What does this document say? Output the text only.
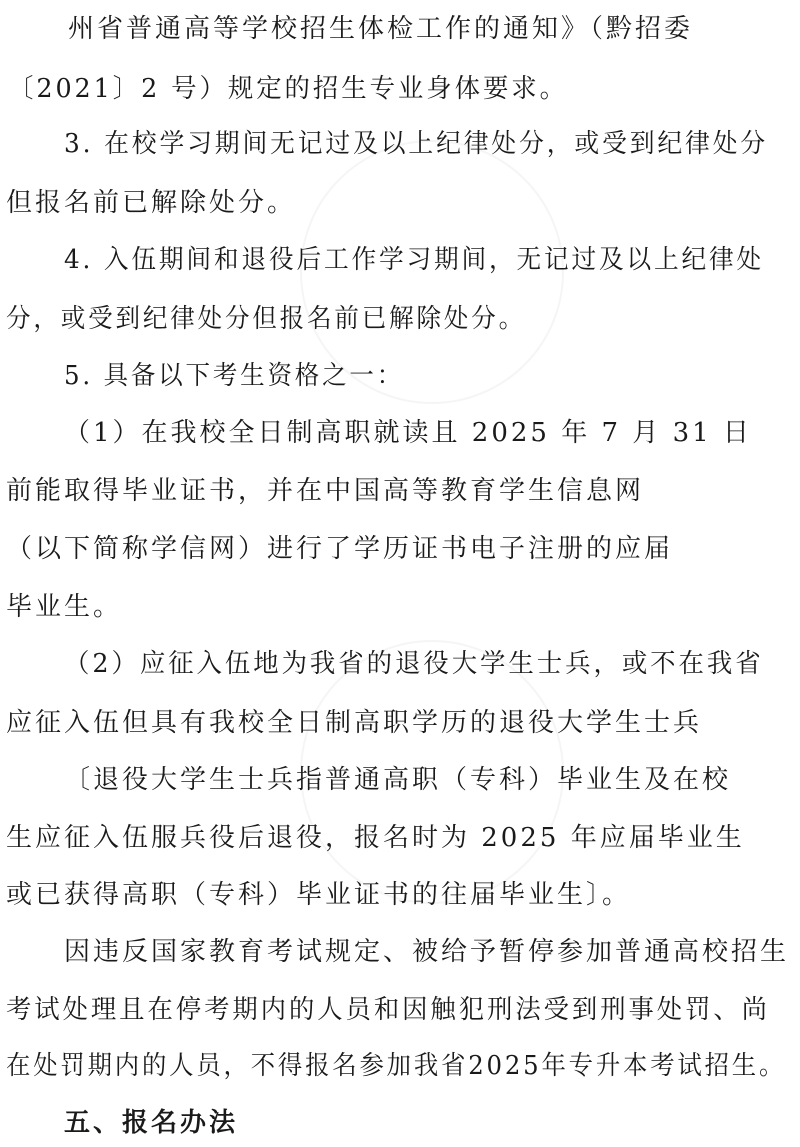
州省普通高等学校招生体检工作的通知》（黔招委
〔2021〕2 号）规定的招生专业身体要求。
3. 在校学习期间无记过及以上纪律处分，或受到纪律处分
但报名前已解除处分。
4. 入伍期间和退役后工作学习期间，无记过及以上纪律处
分，或受到纪律处分但报名前已解除处分。
5. 具备以下考生资格之一：
（1）在我校全日制高职就读且 2025 年 7 月 31 日
前能取得毕业证书，并在中国高等教育学生信息网
（以下简称学信网）进行了学历证书电子注册的应届
毕业生。
（2）应征入伍地为我省的退役大学生士兵，或不在我省
应征入伍但具有我校全日制高职学历的退役大学生士兵
〔退役大学生士兵指普通高职（专科）毕业生及在校
生应征入伍服兵役后退役，报名时为 2025 年应届毕业生
或已获得高职（专科）毕业证书的往届毕业生〕。
因违反国家教育考试规定、被给予暂停参加普通高校招生
考试处理且在停考期内的人员和因触犯刑法受到刑事处罚、尚
在处罚期内的人员，不得报名参加我省2025年专升本考试招生。
五、报名办法
